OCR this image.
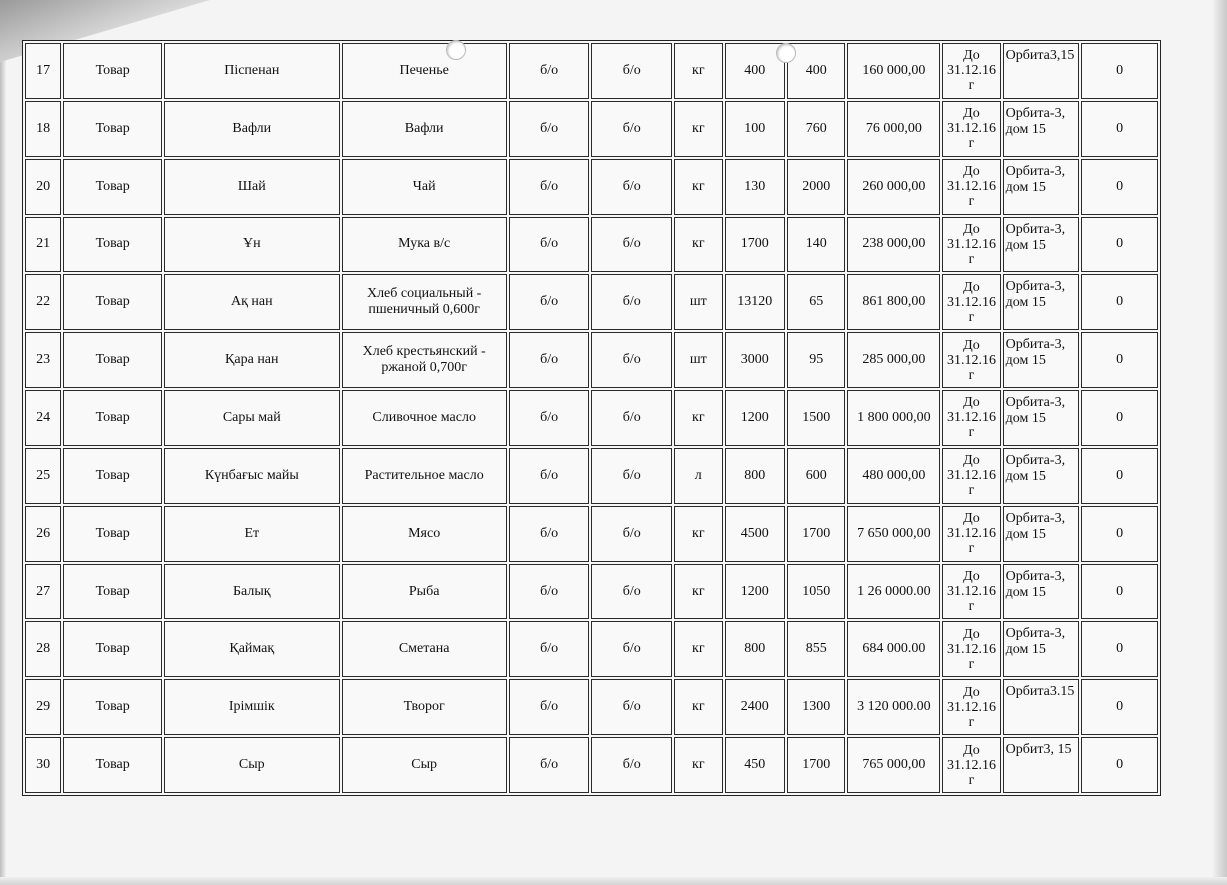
17	Товар	Піспенан	Печенье	б/о	б/о	кг	400	400	160 000,00	До 31.12.16 г	Орбита3,15	0
18	Товар	Вафли	Вафли	б/о	б/о	кг	100	760	76 000,00	До 31.12.16 г	Орбита-3, дом 15	0
20	Товар	Шай	Чай	б/о	б/о	кг	130	2000	260 000,00	До 31.12.16 г	Орбита-3, дом 15	0
21	Товар	Ұн	Мука в/с	б/о	б/о	кг	1700	140	238 000,00	До 31.12.16 г	Орбита-3, дом 15	0
22	Товар	Ақ нан	Хлеб социальный - пшеничный 0,600г	б/о	б/о	шт	13120	65	861 800,00	До 31.12.16 г	Орбита-3, дом 15	0
23	Товар	Қара нан	Хлеб крестьянский - ржаной 0,700г	б/о	б/о	шт	3000	95	285 000,00	До 31.12.16 г	Орбита-3, дом 15	0
24	Товар	Сары май	Сливочное масло	б/о	б/о	кг	1200	1500	1 800 000,00	До 31.12.16 г	Орбита-3, дом 15	0
25	Товар	Күнбағыс майы	Растительное масло	б/о	б/о	л	800	600	480 000,00	До 31.12.16 г	Орбита-3, дом 15	0
26	Товар	Ет	Мясо	б/о	б/о	кг	4500	1700	7 650 000,00	До 31.12.16 г	Орбита-3, дом 15	0
27	Товар	Балық	Рыба	б/о	б/о	кг	1200	1050	1 26 0000.00	До 31.12.16 г	Орбита-3, дом 15	0
28	Товар	Қаймақ	Сметана	б/о	б/о	кг	800	855	684 000.00	До 31.12.16 г	Орбита-3, дом 15	0
29	Товар	Ірімшік	Творог	б/о	б/о	кг	2400	1300	3 120 000.00	До 31.12.16 г	Орбита3.15	0
30	Товар	Сыр	Сыр	б/о	б/о	кг	450	1700	765 000,00	До 31.12.16 г	Орбит3, 15	0
